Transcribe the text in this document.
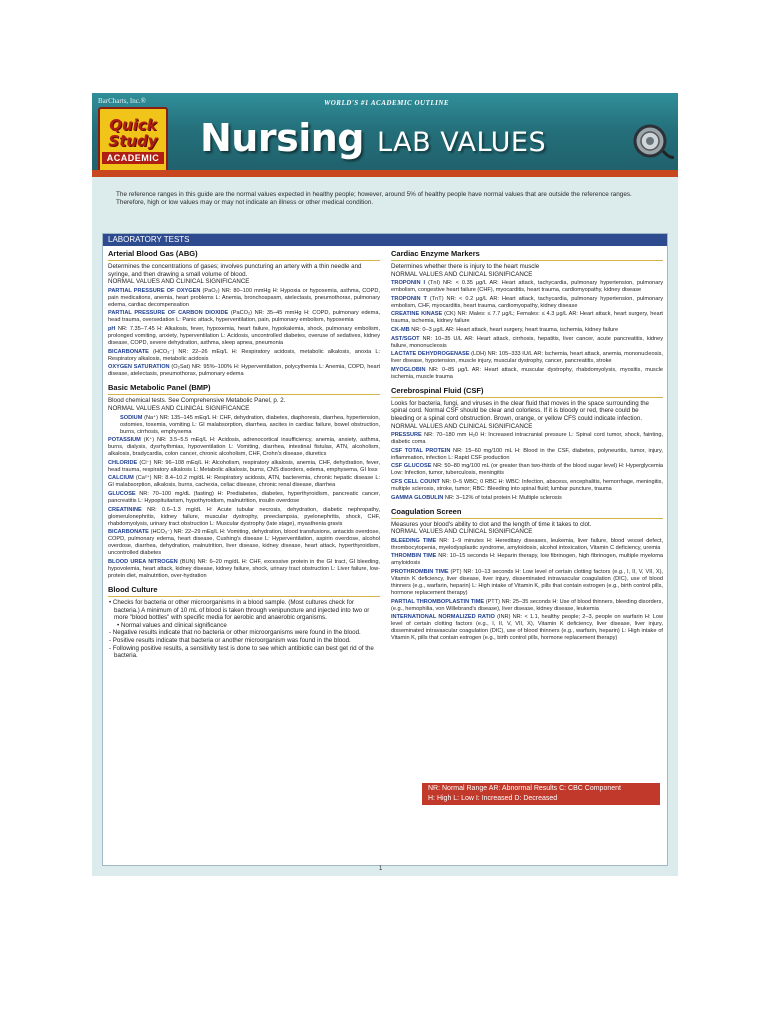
BarCharts, Inc.®	WORLD'S #1 ACADEMIC OUTLINE
Quick
Study
ACADEMIC Nursing LAB VALUES

The reference ranges in this guide are the normal values expected in healthy people; however, around 5% of healthy people have normal values that are outside the reference ranges. Therefore, high or low values may or may not indicate an illness or other medical condition.

LABORATORY TESTS
Arterial Blood Gas (ABG)
Determines the concentrations of gases; involves puncturing an artery with a thin needle and syringe, and then drawing a small volume of blood.
NORMAL VALUES AND CLINICAL SIGNIFICANCE
PARTIAL PRESSURE OF OXYGEN (PaO₂) NR: 80–100 mmHg H: Hypoxia or hypoxemia, asthma, COPD, pain medications, anemia, heart problems L: Anemia, bronchospasm, atelectasis, pneumothorax, pulmonary edema, cardiac decompensation
PARTIAL PRESSURE OF CARBON DIOXIDE (PaCO₂) NR: 35–45 mmHg H: COPD, pulmonary edema, head trauma, oversedation L: Panic attack, hyperventilation, pain, pulmonary embolism, hypoxemia
pH NR: 7.35–7.45 H: Alkalosis, fever, hypoxemia, heart failure, hypokalemia, shock, pulmonary embolism, prolonged vomiting, anxiety, hyperventilation L: Acidosis, uncontrolled diabetes, overuse of sedatives, kidney disease, COPD, severe dehydration, asthma, sleep apnea, pneumonia
BICARBONATE (HCO₃⁻) NR: 22–26 mEq/L H: Respiratory acidosis, metabolic alkalosis, anoxia L: Respiratory alkalosis, metabolic acidosis
OXYGEN SATURATION (O₂Sat) NR: 95%–100% H: Hyperventilation, polycythemia L: Anemia, COPD, heart disease, atelectasis, pneumothorax, pulmonary edema
Basic Metabolic Panel (BMP)
Blood chemical tests. See Comprehensive Metabolic Panel, p. 2.
NORMAL VALUES AND CLINICAL SIGNIFICANCE
SODIUM (Na⁺) NR: 135–145 mEq/L H: CHF, dehydration, diabetes, diaphoresis, diarrhea, hypertension, ostomies, toxemia, vomiting L: GI malabsorption, diarrhea, ascites in cardiac failure, bowel obstruction, burns, cirrhosis, emphysema
POTASSIUM (K⁺) NR: 3.5–5.5 mEq/L H: Acidosis, adrenocortical insufficiency, anemia, anxiety, asthma, burns, dialysis, dysrhythmias, hypoventilation L: Vomiting, diarrhea, intestinal fistulas, ATN, alcoholism, alkalosis, bradycardia, colon cancer, chronic alcoholism, CHF, Crohn's disease, diuretics
CHLORIDE (Cl⁻) NR: 96–108 mEq/L H: Alcoholism, respiratory alkalosis, anemia, CHF, dehydration, fever, head trauma, respiratory alkalosis L: Metabolic alkalosis, burns, CNS disorders, edema, emphysema, GI loss
CALCIUM (Ca²⁺) NR: 8.4–10.2 mg/dL H: Respiratory acidosis, ATN, bacteremia, chronic hepatic disease L: GI malabsorption, alkalosis, burns, cachexia, celiac disease, chronic renal disease, diarrhea
GLUCOSE NR: 70–100 mg/dL (fasting) H: Prediabetes, diabetes, hyperthyroidism, pancreatic cancer, pancreatitis L: Hypopituitarism, hypothyroidism, malnutrition, insulin overdose
CREATININE NR: 0.6–1.3 mg/dL H: Acute tubular necrosis, dehydration, diabetic nephropathy, glomerulonephritis, kidney failure, muscular dystrophy, preeclampsia, pyelonephritis, shock, CHF, rhabdomyolysis, urinary tract obstruction L: Muscular dystrophy (late stage), myasthenia gravis
BICARBONATE (HCO₃⁻) NR: 22–29 mEq/L H: Vomiting, dehydration, blood transfusions, antacids overdose, COPD, pulmonary edema, heart disease, Cushing's disease L: Hyperventilation, aspirin overdose, alcohol overdose, diarrhea, dehydration, malnutrition, liver disease, kidney disease, heart attack, hyperthyroidism, uncontrolled diabetes
BLOOD UREA NITROGEN (BUN) NR: 6–20 mg/dL H: CHF, excessive protein in the GI tract, GI bleeding, hypovolemia, heart attack, kidney disease, kidney failure, shock, urinary tract obstruction L: Liver failure, low-protein diet, malnutrition, over-hydration
Blood Culture
• Checks for bacteria or other microorganisms in a blood sample. (Most cultures check for bacteria.) A minimum of 10 mL of blood is taken through venipuncture and injected into two or more "blood bottles" with specific media for aerobic and anaerobic organisms.
• Normal values and clinical significance
- Negative results indicate that no bacteria or other microorganisms were found in the blood.
- Positive results indicate that bacteria or another microorganism was found in the blood.
- Following positive results, a sensitivity test is done to see which antibiotic can best get rid of the bacteria.
Cardiac Enzyme Markers
Determines whether there is injury to the heart muscle
NORMAL VALUES AND CLINICAL SIGNIFICANCE
TROPONIN I (TnI) NR: < 0.35 μg/L AR: Heart attack, tachycardia, pulmonary hypertension, pulmonary embolism, congestive heart failure (CHF), myocarditis, heart trauma, cardiomyopathy, kidney disease
TROPONIN T (TnT) NR: < 0.2 μg/L AR: Heart attack, tachycardia, pulmonary hypertension, pulmonary embolism, CHF, myocarditis, heart trauma, cardiomyopathy, kidney disease
CREATINE KINASE (CK) NR: Males: ≤ 7.7 μg/L; Females: ≤ 4.3 μg/L AR: Heart attack, heart surgery, heart trauma, ischemia, kidney failure
CK-MB NR: 0–3 μg/L AR: Heart attack, heart surgery, heart trauma, ischemia, kidney failure
AST/SGOT NR: 10–35 U/L AR: Heart attack, cirrhosis, hepatitis, liver cancer, acute pancreatitis, kidney failure, mononucleosis
LACTATE DEHYDROGENASE (LDH) NR: 105–333 IU/L AR: Ischemia, heart attack, anemia, mononucleosis, liver disease, hypotension, muscle injury, muscular dystrophy, cancer, pancreatitis, stroke
MYOGLOBIN NR: 0–85 μg/L AR: Heart attack, muscular dystrophy, rhabdomyolysis, myositis, muscle ischemia, muscle trauma
Cerebrospinal Fluid (CSF)
Looks for bacteria, fungi, and viruses in the clear fluid that moves in the space surrounding the spinal cord. Normal CSF should be clear and colorless. If it is bloody or red, there could be bleeding or a spinal cord obstruction. Brown, orange, or yellow CFS could indicate infection.
NORMAL VALUES AND CLINICAL SIGNIFICANCE
PRESSURE NR: 70–180 mm H₂0 H: Increased intracranial pressure L: Spinal cord tumor, shock, fainting, diabetic coma
CSF TOTAL PROTEIN NR: 15–60 mg/100 mL H: Blood in the CSF, diabetes, polyneuritis, tumor, injury, inflammation, infection L: Rapid CSF production
CSF GLUCOSE NR: 50–80 mg/100 mL (or greater than two-thirds of the blood sugar level) H: Hyperglycemia Low: Infection, tumor, tuberculosis, meningitis
CFS CELL COUNT NR: 0–5 WBC; 0 RBC H: WBC: Infection, abscess, encephalitis, hemorrhage, meningitis, multiple sclerosis, stroke, tumor; RBC: Bleeding into spinal fluid; lumbar puncture, trauma
GAMMA GLOBULIN NR: 3–12% of total protein H: Multiple sclerosis
Coagulation Screen
Measures your blood's ability to clot and the length of time it takes to clot.
NORMAL VALUES AND CLINICAL SIGNIFICANCE
BLEEDING TIME NR: 1–9 minutes H: Hereditary diseases, leukemia, liver failure, blood vessel defect, thrombocytopenia, myelodysplastic syndrome, amyloidosis, alcohol intoxication, Vitamin C deficiency, uremia
THROMBIN TIME NR: 10–15 seconds H: Heparin therapy, low fibrinogen, high fibrinogen, multiple myeloma amyloidosis
PROTHROMBIN TIME (PT) NR: 10–13 seconds H: Low level of certain clotting factors (e.g., I, II, V, VII, X), Vitamin K deficiency, liver disease, liver injury, disseminated intravascular coagulation (DIC), use of blood thinners (e.g., warfarin, heparin) L: High intake of Vitamin K, pills that contain estrogen (e.g., birth control pills, hormone replacement therapy)
PARTIAL THROMBOPLASTIN TIME (PTT) NR: 25–35 seconds H: Use of blood thinners, bleeding disorders, (e.g., hemophilia, von Willebrand's disease), liver disease, kidney disease, leukemia
INTERNATIONAL NORMALIZED RATIO (INR) NR: < 1.1, healthy people; 2–3, people on warfarin H: Low level of certain clotting factors (e.g., I, II, V, VII, X), Vitamin K deficiency, liver disease, liver injury, disseminated intravascular coagulation (DIC), use of blood thinners (e.g., warfarin, heparin) L: High intake of Vitamin K, pills that contain estrogen (e.g., birth control pills, hormone replacement therapy)
NR: Normal Range AR: Abnormal Results C: CBC Component
H: High L: Low I: Increased D: Decreased
1
